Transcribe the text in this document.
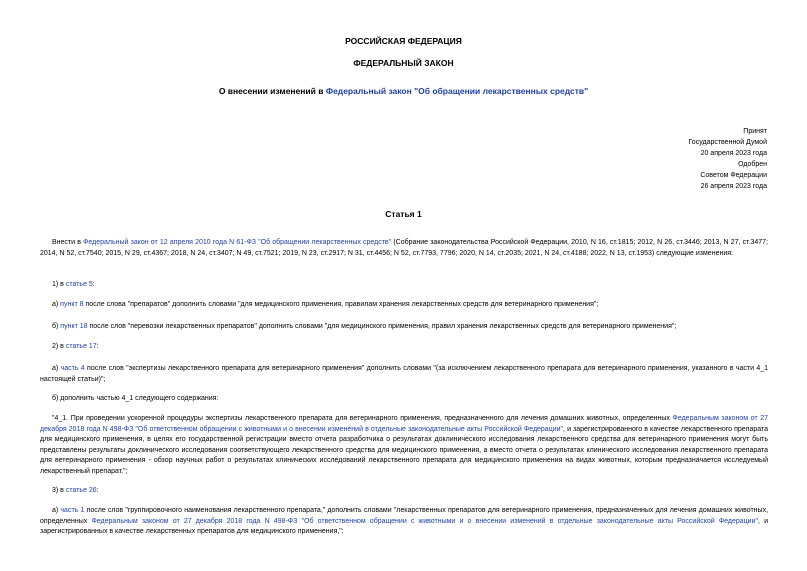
РОССИЙСКАЯ ФЕДЕРАЦИЯ
ФЕДЕРАЛЬНЫЙ ЗАКОН
О внесении изменений в Федеральный закон "Об обращении лекарственных средств"
Принят
Государственной Думой
20 апреля 2023 года
Одобрен
Советом Федерации
26 апреля 2023 года
Статья 1
Внести в Федеральный закон от 12 апреля 2010 года N 61-ФЗ "Об обращении лекарственных средств" (Собрание законодательства Российской Федерации, 2010, N 16, ст.1815; 2012, N 26, ст.3446; 2013, N 27, ст.3477; 2014, N 52, ст.7540; 2015, N 29, ст.4367; 2018, N 24, ст.3407; N 49, ст.7521; 2019, N 23, ст.2917; N 31, ст.4456; N 52, ст.7793, 7796; 2020, N 14, ст.2035; 2021, N 24, ст.4188; 2022, N 13, ст.1953) следующие изменения:
1) в статье 5:
а) пункт 8 после слова "препаратов" дополнить словами "для медицинского применения, правилам хранения лекарственных средств для ветеринарного применения";
б) пункт 18 после слов "перевозки лекарственных препаратов" дополнить словами "для медицинского применения, правил хранения лекарственных средств для ветеринарного применения";
2) в статье 17:
а) часть 4 после слов "экспертизы лекарственного препарата для ветеринарного применения" дополнить словами "(за исключением лекарственного препарата для ветеринарного применения, указанного в части 4_1 настоящей статьи)";
б) дополнить частью 4_1 следующего содержания:
"4_1. При проведении ускоренной процедуры экспертизы лекарственного препарата для ветеринарного применения, предназначенного для лечения домашних животных, определенных Федеральным законом от 27 декабря 2018 года N 498-ФЗ "Об ответственном обращении с животными и о внесении изменений в отдельные законодательные акты Российской Федерации", и зарегистрированного в качестве лекарственного препарата для медицинского применения, в целях его государственной регистрации вместо отчета разработчика о результатах доклинического исследования лекарственного средства для ветеринарного применения могут быть представлены результаты доклинического исследования соответствующего лекарственного средства для медицинского применения, а вместо отчета о результатах клинического исследования лекарственного препарата для ветеринарного применения - обзор научных работ о результатах клинических исследований лекарственного препарата для медицинского применения на видах животных, которым предназначается исследуемый лекарственный препарат.";
3) в статье 26:
а) часть 1 после слов "группировочного наименования лекарственного препарата," дополнить словами "лекарственных препаратов для ветеринарного применения, предназначенных для лечения домашних животных, определенных Федеральным законом от 27 декабря 2018 года N 498-ФЗ "Об ответственном обращении с животными и о внесении изменений в отдельные законодательные акты Российской Федерации", и зарегистрированных в качестве лекарственных препаратов для медицинского применения,";
